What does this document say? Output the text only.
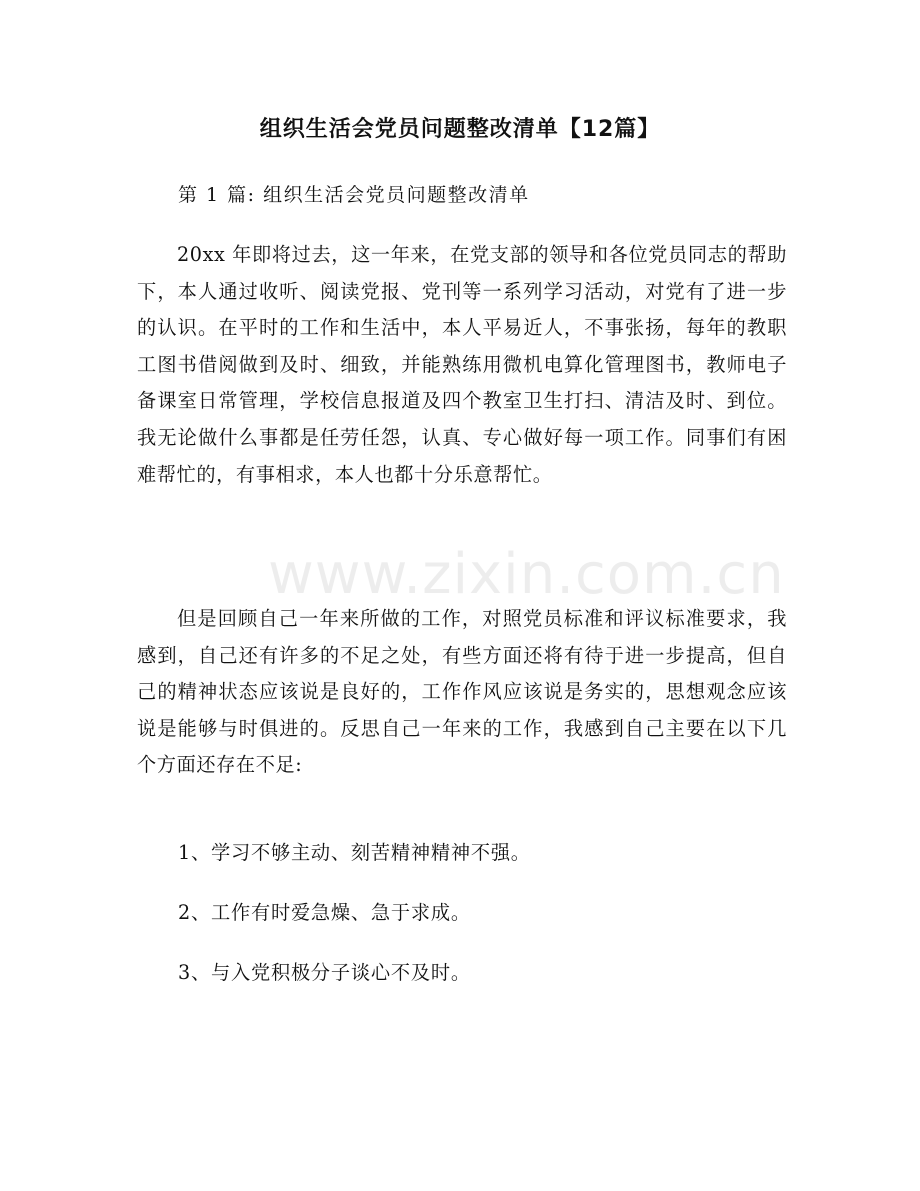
组织生活会党员问题整改清单【12篇】

第 1 篇: 组织生活会党员问题整改清单

20xx 年即将过去，这一年来，在党支部的领导和各位党员同志的帮助下，本人通过收听、阅读党报、党刊等一系列学习活动，对党有了进一步的认识。在平时的工作和生活中，本人平易近人，不事张扬，每年的教职工图书借阅做到及时、细致，并能熟练用微机电算化管理图书，教师电子备课室日常管理，学校信息报道及四个教室卫生打扫、清洁及时、到位。我无论做什么事都是任劳任怨，认真、专心做好每一项工作。同事们有困难帮忙的，有事相求，本人也都十分乐意帮忙。

但是回顾自己一年来所做的工作，对照党员标准和评议标准要求，我感到，自己还有许多的不足之处，有些方面还将有待于进一步提高，但自己的精神状态应该说是良好的，工作作风应该说是务实的，思想观念应该说是能够与时俱进的。反思自己一年来的工作，我感到自己主要在以下几个方面还存在不足:

1、学习不够主动、刻苦精神精神不强。

2、工作有时爱急燥、急于求成。

3、与入党积极分子谈心不及时。

www.zixin.com.cn
